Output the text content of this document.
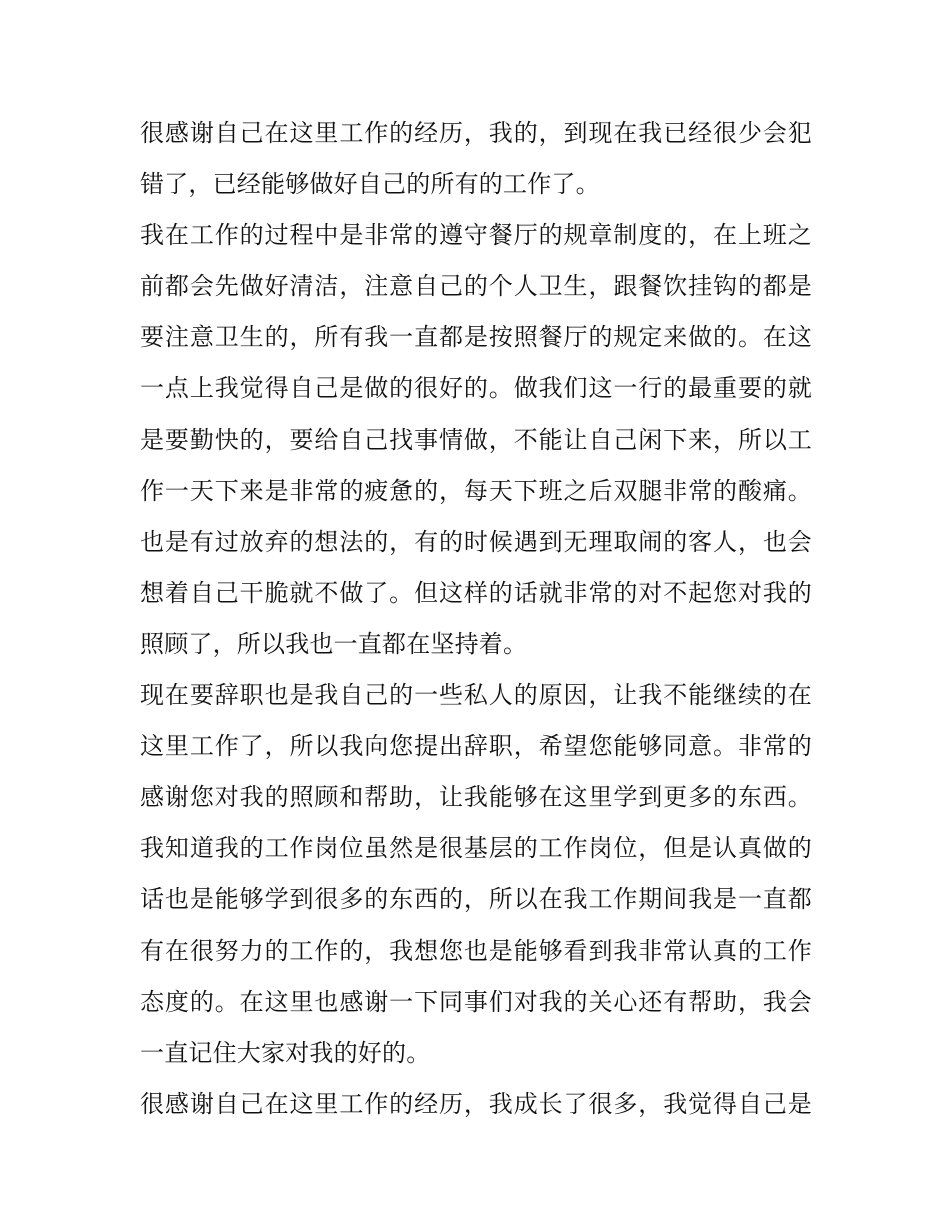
很感谢自己在这里工作的经历，我的，到现在我已经很少会犯
错了，已经能够做好自己的所有的工作了。
我在工作的过程中是非常的遵守餐厅的规章制度的，在上班之
前都会先做好清洁，注意自己的个人卫生，跟餐饮挂钩的都是
要注意卫生的，所有我一直都是按照餐厅的规定来做的。在这
一点上我觉得自己是做的很好的。做我们这一行的最重要的就
是要勤快的，要给自己找事情做，不能让自己闲下来，所以工
作一天下来是非常的疲惫的，每天下班之后双腿非常的酸痛。
也是有过放弃的想法的，有的时候遇到无理取闹的客人，也会
想着自己干脆就不做了。但这样的话就非常的对不起您对我的
照顾了，所以我也一直都在坚持着。
现在要辞职也是我自己的一些私人的原因，让我不能继续的在
这里工作了，所以我向您提出辞职，希望您能够同意。非常的
感谢您对我的照顾和帮助，让我能够在这里学到更多的东西。
我知道我的工作岗位虽然是很基层的工作岗位，但是认真做的
话也是能够学到很多的东西的，所以在我工作期间我是一直都
有在很努力的工作的，我想您也是能够看到我非常认真的工作
态度的。在这里也感谢一下同事们对我的关心还有帮助，我会
一直记住大家对我的好的。
很感谢自己在这里工作的经历，我成长了很多，我觉得自己是
